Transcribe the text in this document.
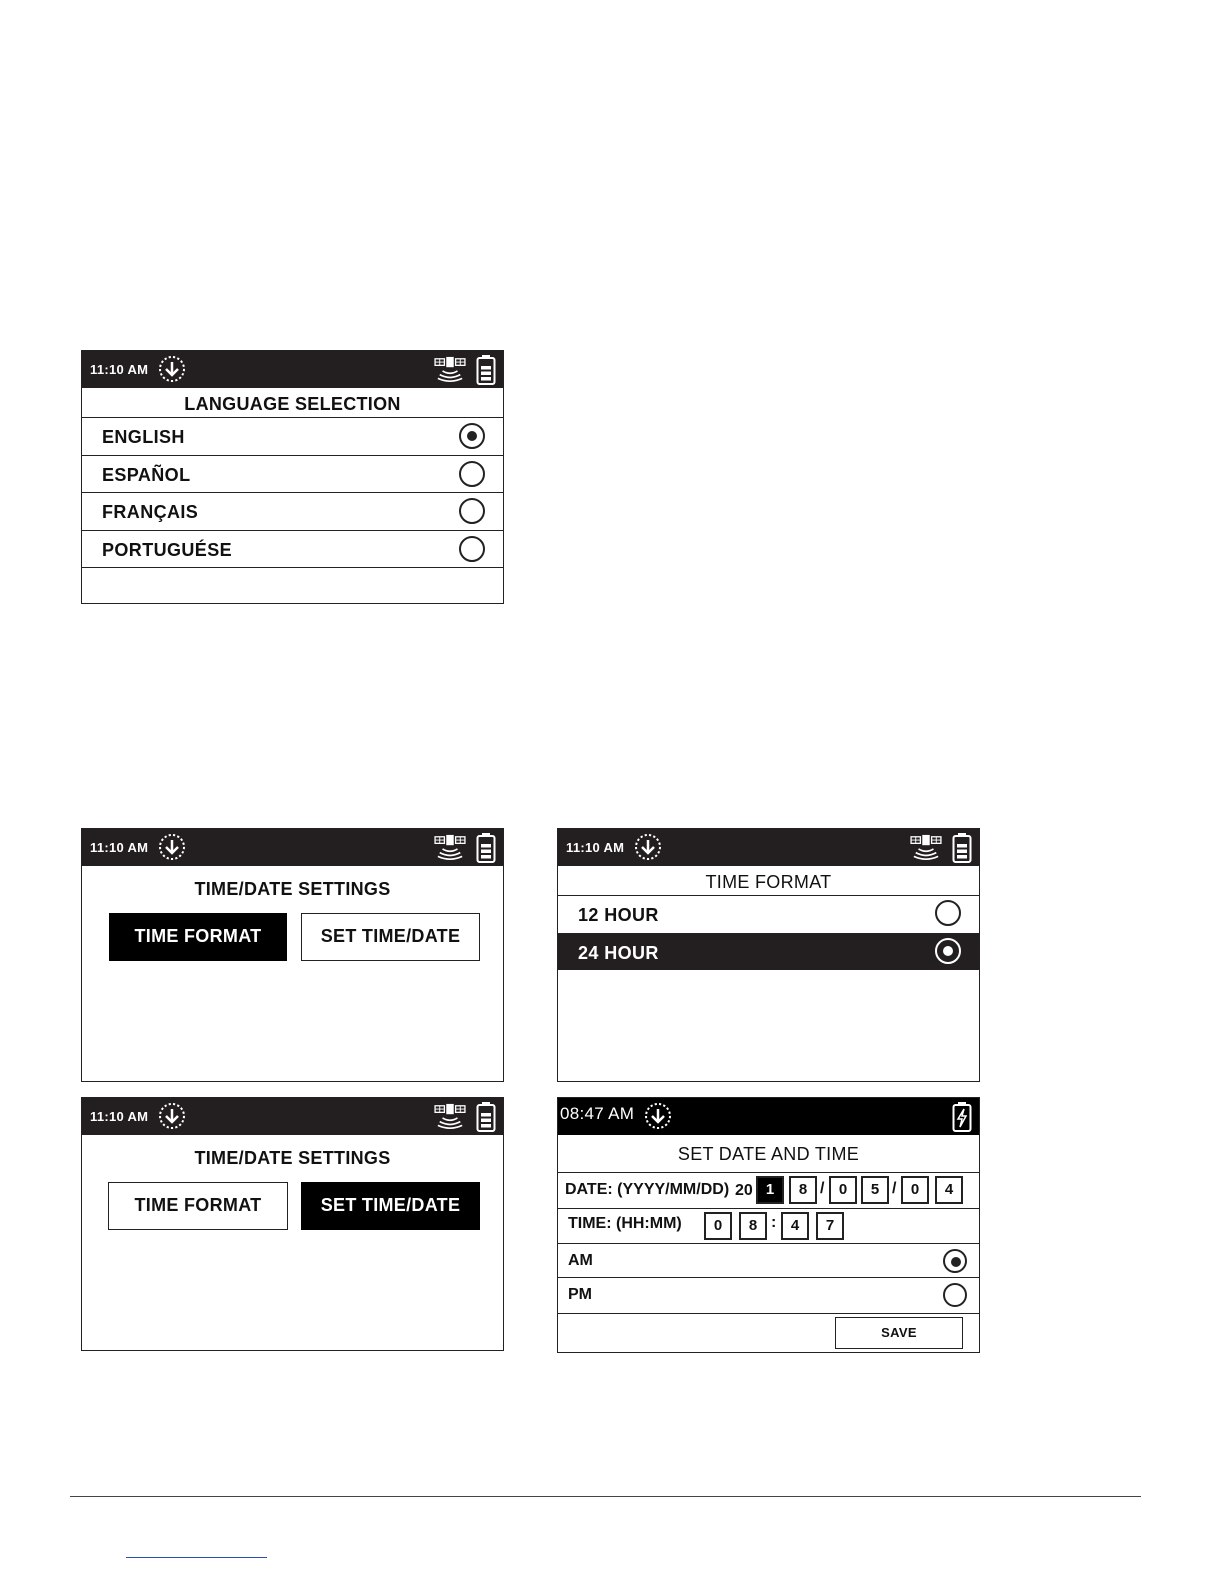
11:10 AM
LANGUAGE SELECTION
ENGLISH
ESPAÑOL
FRANÇAIS
PORTUGUÉSE
11:10 AM
TIME/DATE SETTINGS
TIME FORMAT	SET TIME/DATE
11:10 AM
TIME FORMAT
12 HOUR
24 HOUR
11:10 AM
TIME/DATE SETTINGS
TIME FORMAT	SET TIME/DATE
08:47 AM
SET DATE AND TIME
DATE: (YYYY/MM/DD) 20 1	8 / 0	5 / 0	4
TIME: (HH:MM)	0	8 : 4	7
AM
PM
SAVE
